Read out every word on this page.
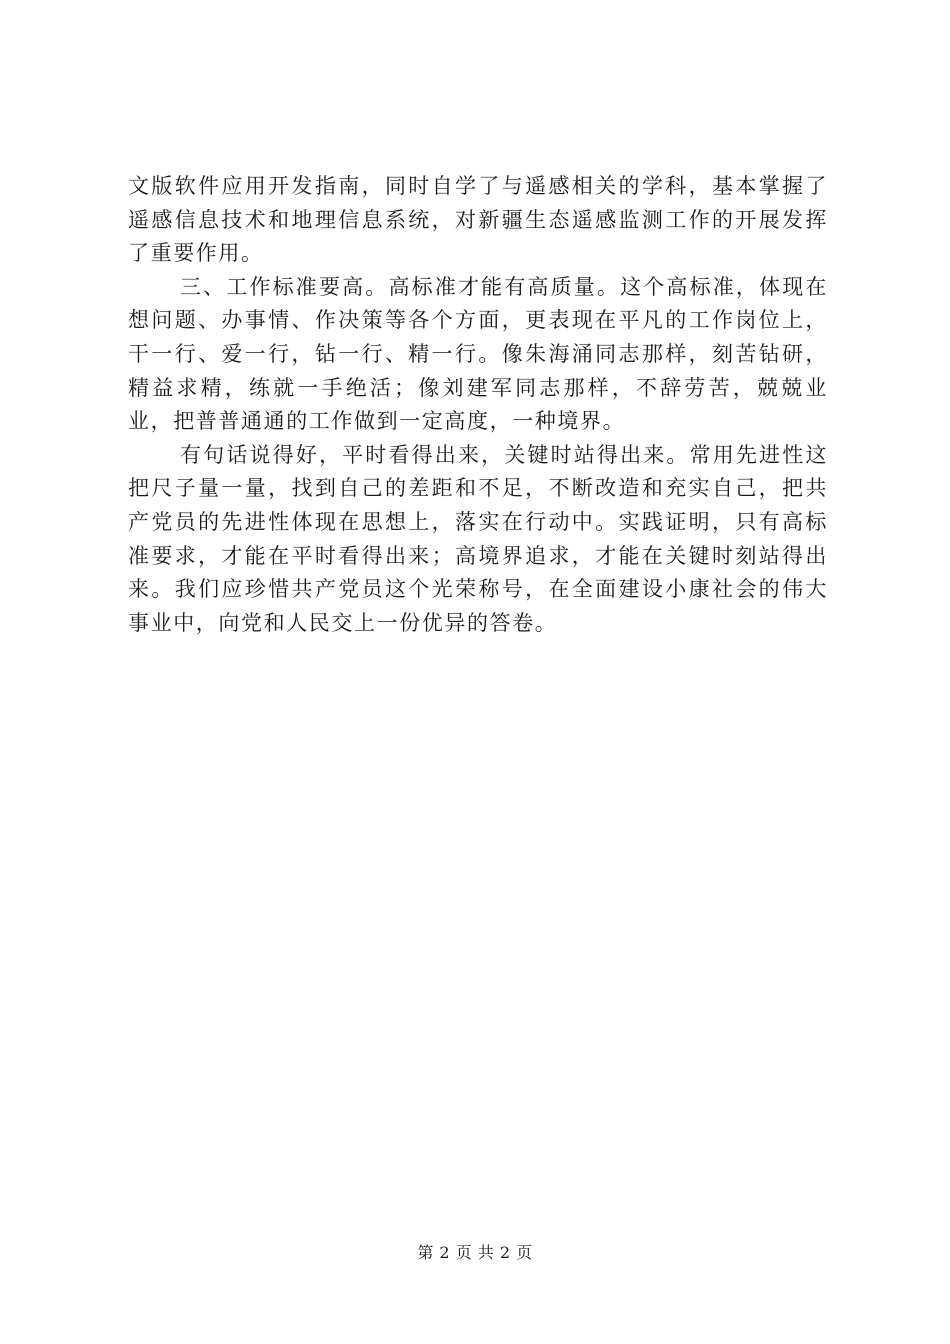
文版软件应用开发指南，同时自学了与遥感相关的学科，基本掌握了遥感信息技术和地理信息系统，对新疆生态遥感监测工作的开展发挥了重要作用。

三、工作标准要高。高标准才能有高质量。这个高标准，体现在想问题、办事情、作决策等各个方面，更表现在平凡的工作岗位上，干一行、爱一行，钻一行、精一行。像朱海涌同志那样，刻苦钻研，精益求精，练就一手绝活；像刘建军同志那样，不辞劳苦，兢兢业业，把普普通通的工作做到一定高度，一种境界。

有句话说得好，平时看得出来，关键时站得出来。常用先进性这把尺子量一量，找到自己的差距和不足，不断改造和充实自己，把共产党员的先进性体现在思想上，落实在行动中。实践证明，只有高标准要求，才能在平时看得出来；高境界追求，才能在关键时刻站得出来。我们应珍惜共产党员这个光荣称号，在全面建设小康社会的伟大事业中，向党和人民交上一份优异的答卷。

第 2 页 共 2 页
